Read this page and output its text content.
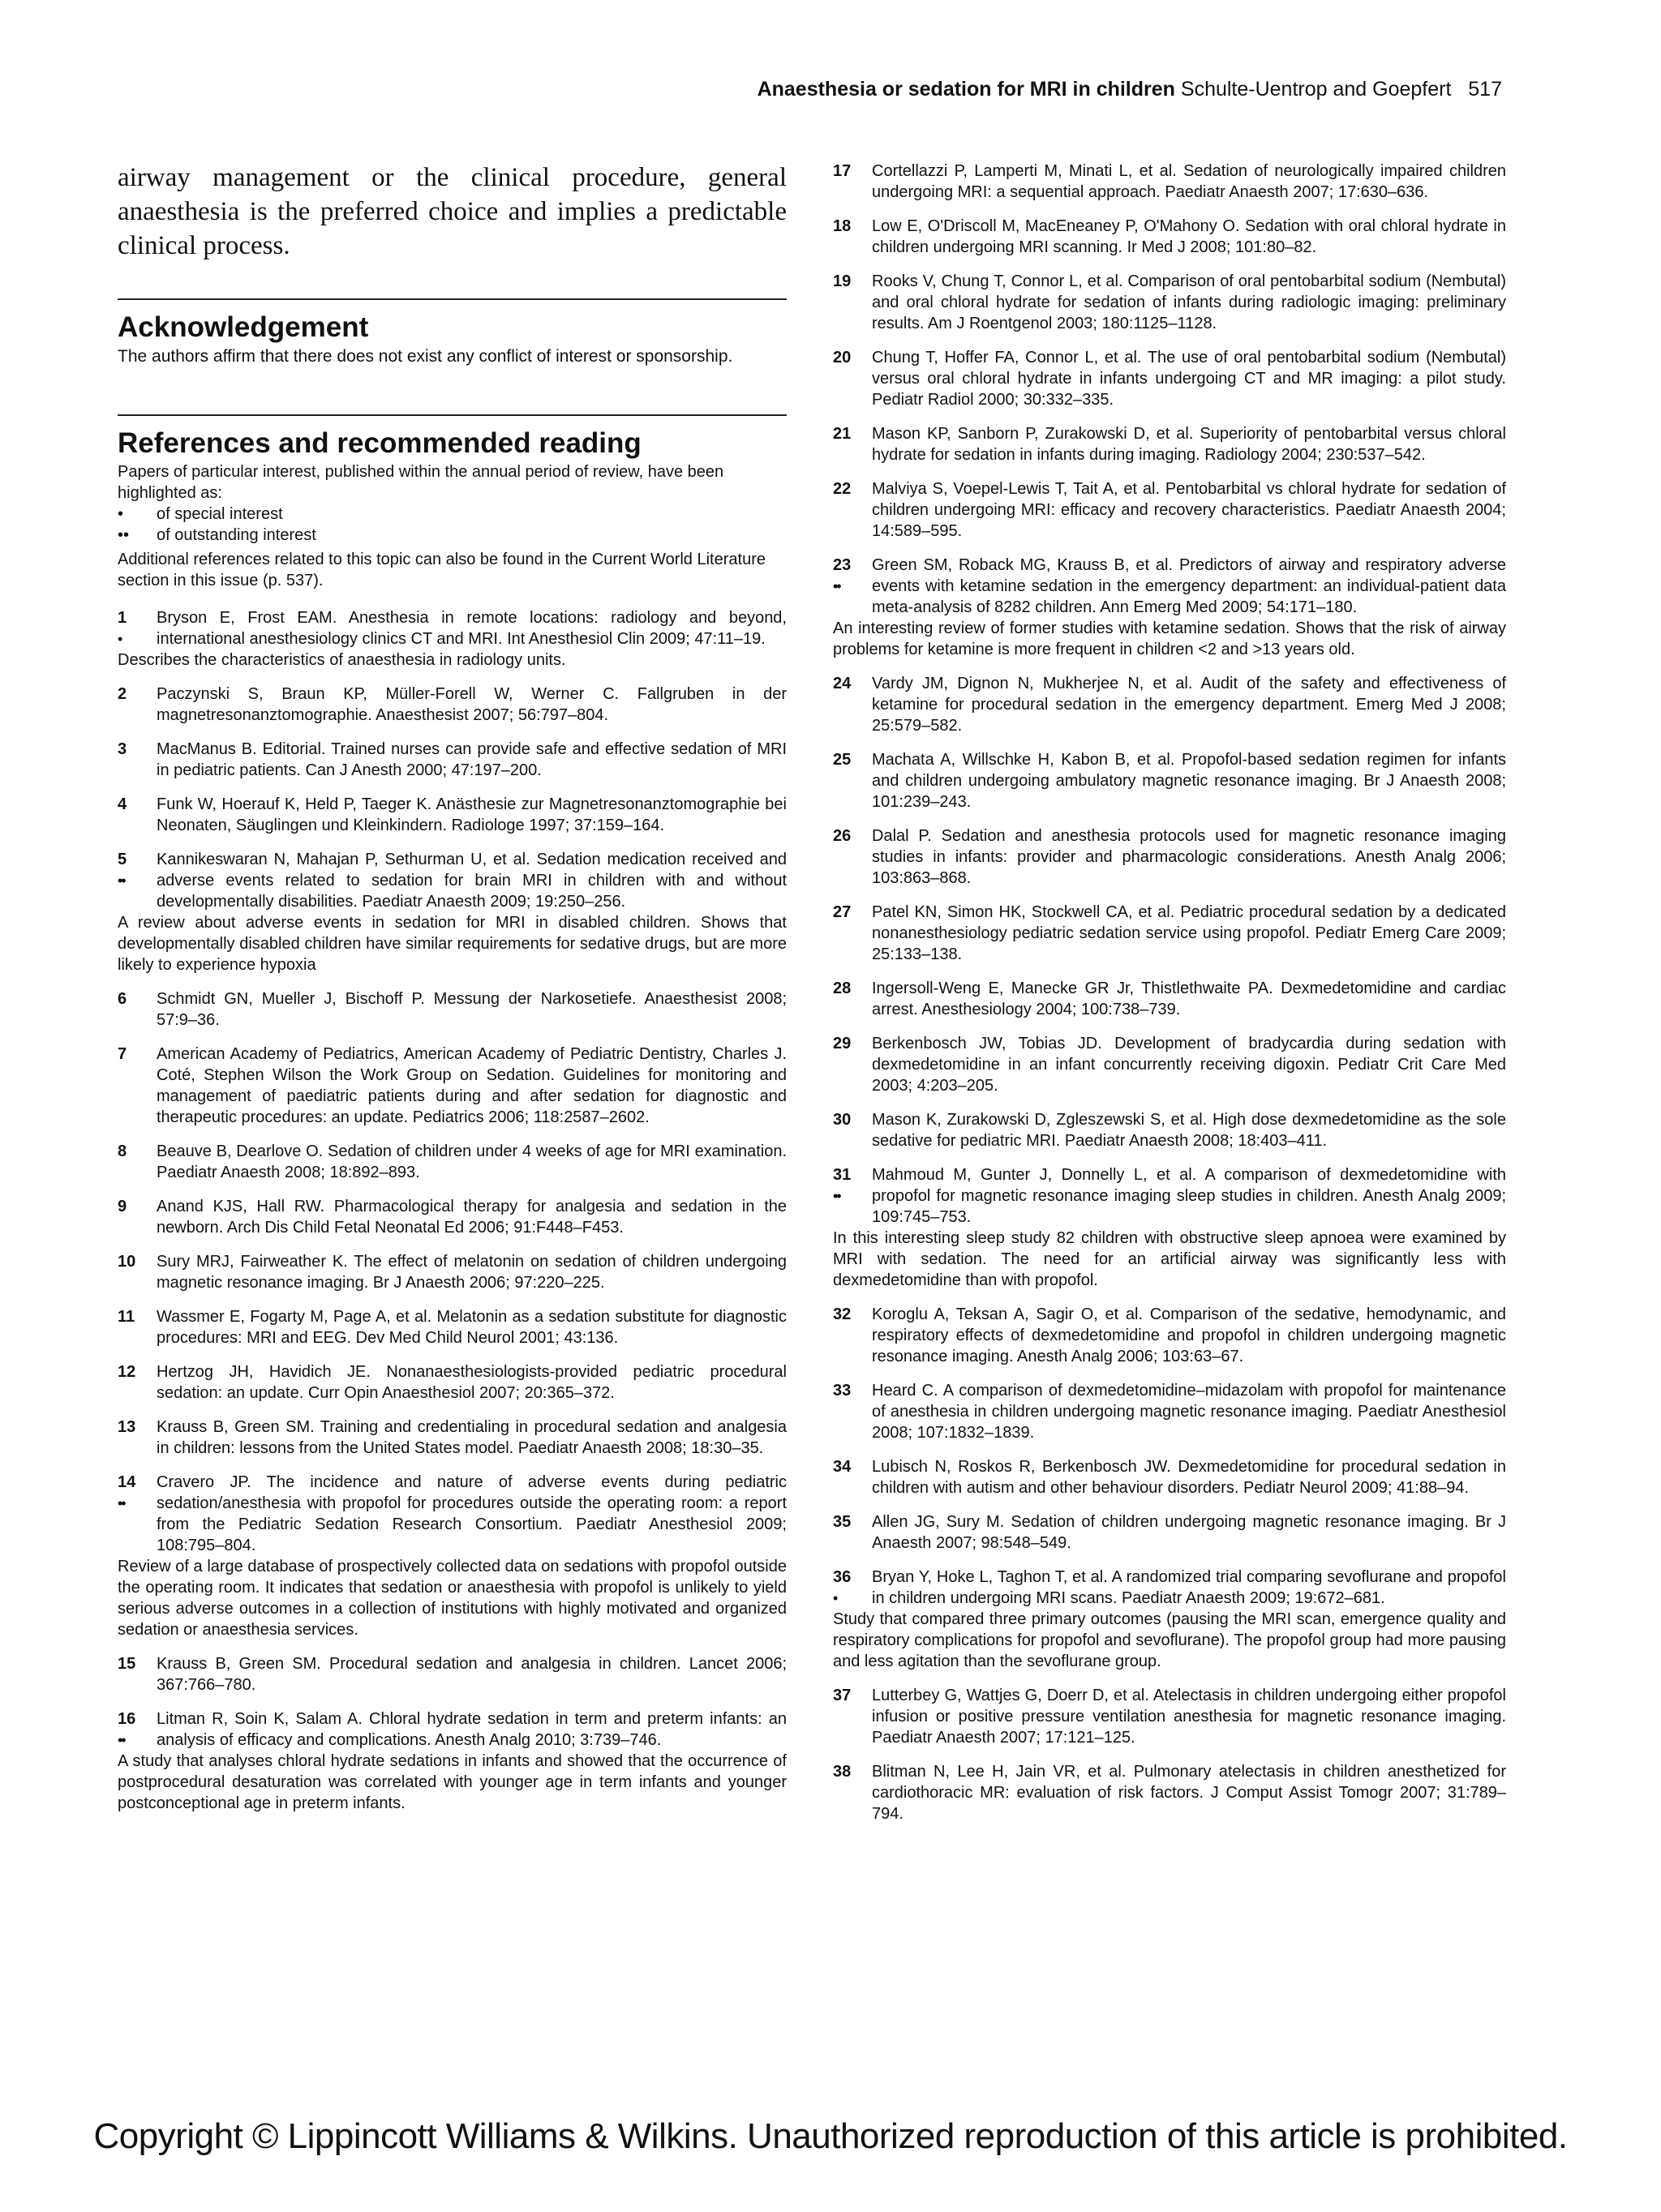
Anaesthesia or sedation for MRI in children Schulte-Uentrop and Goepfert 517

airway management or the clinical procedure, general anaesthesia is the preferred choice and implies a predictable clinical process.

Acknowledgement

The authors affirm that there does not exist any conflict of interest or sponsorship.

References and recommended reading
Papers of particular interest, published within the annual period of review, have been highlighted as:
• of special interest
•• of outstanding interest
Additional references related to this topic can also be found in the Current World Literature section in this issue (p. 537).
1
•
Bryson E, Frost EAM. Anesthesia in remote locations: radiology and beyond, international anesthesiology clinics CT and MRI. Int Anesthesiol Clin 2009; 47:11–19.
Describes the characteristics of anaesthesia in radiology units.
2 Paczynski S, Braun KP, Müller-Forell W, Werner C. Fallgruben in der magnetresonanztomographie. Anaesthesist 2007; 56:797–804.
3 MacManus B. Editorial. Trained nurses can provide safe and effective sedation of MRI in pediatric patients. Can J Anesth 2000; 47:197–200.
4 Funk W, Hoerauf K, Held P, Taeger K. Anästhesie zur Magnetresonanztomographie bei Neonaten, Säuglingen und Kleinkindern. Radiologe 1997; 37:159–164.
5
••
Kannikeswaran N, Mahajan P, Sethurman U, et al. Sedation medication received and adverse events related to sedation for brain MRI in children with and without developmentally disabilities. Paediatr Anaesth 2009; 19:250–256.
A review about adverse events in sedation for MRI in disabled children. Shows that developmentally disabled children have similar requirements for sedative drugs, but are more likely to experience hypoxia
6 Schmidt GN, Mueller J, Bischoff P. Messung der Narkosetiefe. Anaesthesist 2008; 57:9–36.
7 American Academy of Pediatrics, American Academy of Pediatric Dentistry, Charles J. Coté, Stephen Wilson the Work Group on Sedation. Guidelines for monitoring and management of paediatric patients during and after sedation for diagnostic and therapeutic procedures: an update. Pediatrics 2006; 118:2587–2602.
8 Beauve B, Dearlove O. Sedation of children under 4 weeks of age for MRI examination. Paediatr Anaesth 2008; 18:892–893.
9 Anand KJS, Hall RW. Pharmacological therapy for analgesia and sedation in the newborn. Arch Dis Child Fetal Neonatal Ed 2006; 91:F448–F453.
10 Sury MRJ, Fairweather K. The effect of melatonin on sedation of children undergoing magnetic resonance imaging. Br J Anaesth 2006; 97:220–225.
11 Wassmer E, Fogarty M, Page A, et al. Melatonin as a sedation substitute for diagnostic procedures: MRI and EEG. Dev Med Child Neurol 2001; 43:136.
12 Hertzog JH, Havidich JE. Nonanaesthesiologists-provided pediatric procedural sedation: an update. Curr Opin Anaesthesiol 2007; 20:365–372.
13 Krauss B, Green SM. Training and credentialing in procedural sedation and analgesia in children: lessons from the United States model. Paediatr Anaesth 2008; 18:30–35.
14
••
Cravero JP. The incidence and nature of adverse events during pediatric sedation/anesthesia with propofol for procedures outside the operating room: a report from the Pediatric Sedation Research Consortium. Paediatr Anesthesiol 2009; 108:795–804.
Review of a large database of prospectively collected data on sedations with propofol outside the operating room. It indicates that sedation or anaesthesia with propofol is unlikely to yield serious adverse outcomes in a collection of institutions with highly motivated and organized sedation or anaesthesia services.
15 Krauss B, Green SM. Procedural sedation and analgesia in children. Lancet 2006; 367:766–780.
16
••
Litman R, Soin K, Salam A. Chloral hydrate sedation in term and preterm infants: an analysis of efficacy and complications. Anesth Analg 2010; 3:739–746.
A study that analyses chloral hydrate sedations in infants and showed that the occurrence of postprocedural desaturation was correlated with younger age in term infants and younger postconceptional age in preterm infants.
17 Cortellazzi P, Lamperti M, Minati L, et al. Sedation of neurologically impaired children undergoing MRI: a sequential approach. Paediatr Anaesth 2007; 17:630–636.
18 Low E, O'Driscoll M, MacEneaney P, O'Mahony O. Sedation with oral chloral hydrate in children undergoing MRI scanning. Ir Med J 2008; 101:80–82.
19 Rooks V, Chung T, Connor L, et al. Comparison of oral pentobarbital sodium (Nembutal) and oral chloral hydrate for sedation of infants during radiologic imaging: preliminary results. Am J Roentgenol 2003; 180:1125–1128.
20 Chung T, Hoffer FA, Connor L, et al. The use of oral pentobarbital sodium (Nembutal) versus oral chloral hydrate in infants undergoing CT and MR imaging: a pilot study. Pediatr Radiol 2000; 30:332–335.
21 Mason KP, Sanborn P, Zurakowski D, et al. Superiority of pentobarbital versus chloral hydrate for sedation in infants during imaging. Radiology 2004; 230:537–542.
22 Malviya S, Voepel-Lewis T, Tait A, et al. Pentobarbital vs chloral hydrate for sedation of children undergoing MRI: efficacy and recovery characteristics. Paediatr Anaesth 2004; 14:589–595.
23
••
Green SM, Roback MG, Krauss B, et al. Predictors of airway and respiratory adverse events with ketamine sedation in the emergency department: an individual-patient data meta-analysis of 8282 children. Ann Emerg Med 2009; 54:171–180.
An interesting review of former studies with ketamine sedation. Shows that the risk of airway problems for ketamine is more frequent in children <2 and >13 years old.
24 Vardy JM, Dignon N, Mukherjee N, et al. Audit of the safety and effectiveness of ketamine for procedural sedation in the emergency department. Emerg Med J 2008; 25:579–582.
25 Machata A, Willschke H, Kabon B, et al. Propofol-based sedation regimen for infants and children undergoing ambulatory magnetic resonance imaging. Br J Anaesth 2008; 101:239–243.
26 Dalal P. Sedation and anesthesia protocols used for magnetic resonance imaging studies in infants: provider and pharmacologic considerations. Anesth Analg 2006; 103:863–868.
27 Patel KN, Simon HK, Stockwell CA, et al. Pediatric procedural sedation by a dedicated nonanesthesiology pediatric sedation service using propofol. Pediatr Emerg Care 2009; 25:133–138.
28 Ingersoll-Weng E, Manecke GR Jr, Thistlethwaite PA. Dexmedetomidine and cardiac arrest. Anesthesiology 2004; 100:738–739.
29 Berkenbosch JW, Tobias JD. Development of bradycardia during sedation with dexmedetomidine in an infant concurrently receiving digoxin. Pediatr Crit Care Med 2003; 4:203–205.
30 Mason K, Zurakowski D, Zgleszewski S, et al. High dose dexmedetomidine as the sole sedative for pediatric MRI. Paediatr Anaesth 2008; 18:403–411.
31
••
Mahmoud M, Gunter J, Donnelly L, et al. A comparison of dexmedetomidine with propofol for magnetic resonance imaging sleep studies in children. Anesth Analg 2009; 109:745–753.
In this interesting sleep study 82 children with obstructive sleep apnoea were examined by MRI with sedation. The need for an artificial airway was significantly less with dexmedetomidine than with propofol.
32 Koroglu A, Teksan A, Sagir O, et al. Comparison of the sedative, hemodynamic, and respiratory effects of dexmedetomidine and propofol in children undergoing magnetic resonance imaging. Anesth Analg 2006; 103:63–67.
33 Heard C. A comparison of dexmedetomidine–midazolam with propofol for maintenance of anesthesia in children undergoing magnetic resonance imaging. Paediatr Anesthesiol 2008; 107:1832–1839.
34 Lubisch N, Roskos R, Berkenbosch JW. Dexmedetomidine for procedural sedation in children with autism and other behaviour disorders. Pediatr Neurol 2009; 41:88–94.
35 Allen JG, Sury M. Sedation of children undergoing magnetic resonance imaging. Br J Anaesth 2007; 98:548–549.
36
•
Bryan Y, Hoke L, Taghon T, et al. A randomized trial comparing sevoflurane and propofol in children undergoing MRI scans. Paediatr Anaesth 2009; 19:672–681.
Study that compared three primary outcomes (pausing the MRI scan, emergence quality and respiratory complications for propofol and sevoflurane). The propofol group had more pausing and less agitation than the sevoflurane group.
37 Lutterbey G, Wattjes G, Doerr D, et al. Atelectasis in children undergoing either propofol infusion or positive pressure ventilation anesthesia for magnetic resonance imaging. Paediatr Anaesth 2007; 17:121–125.
38 Blitman N, Lee H, Jain VR, et al. Pulmonary atelectasis in children anesthetized for cardiothoracic MR: evaluation of risk factors. J Comput Assist Tomogr 2007; 31:789–794.
Copyright © Lippincott Williams & Wilkins. Unauthorized reproduction of this article is prohibited.
